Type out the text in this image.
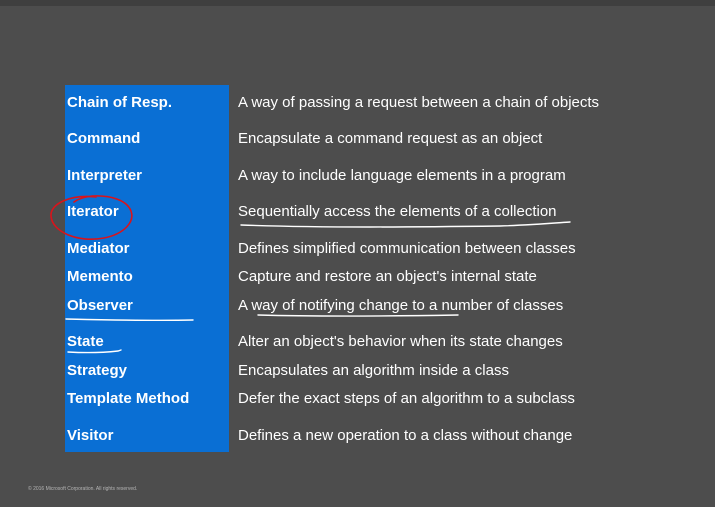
Chain of Resp.	A way of passing a request between a chain of objects
Command	Encapsulate a command request as an object
Interpreter	A way to include language elements in a program
Iterator	Sequentially access the elements of a collection
Mediator	Defines simplified communication between classes
Memento	Capture and restore an object's internal state
Observer	A way of notifying change to a number of classes
State	Alter an object's behavior when its state changes
Strategy	Encapsulates an algorithm inside a class
Template Method	Defer the exact steps of an algorithm to a subclass
Visitor	Defines a new operation to a class without change
© 2016 Microsoft Corporation. All rights reserved.
